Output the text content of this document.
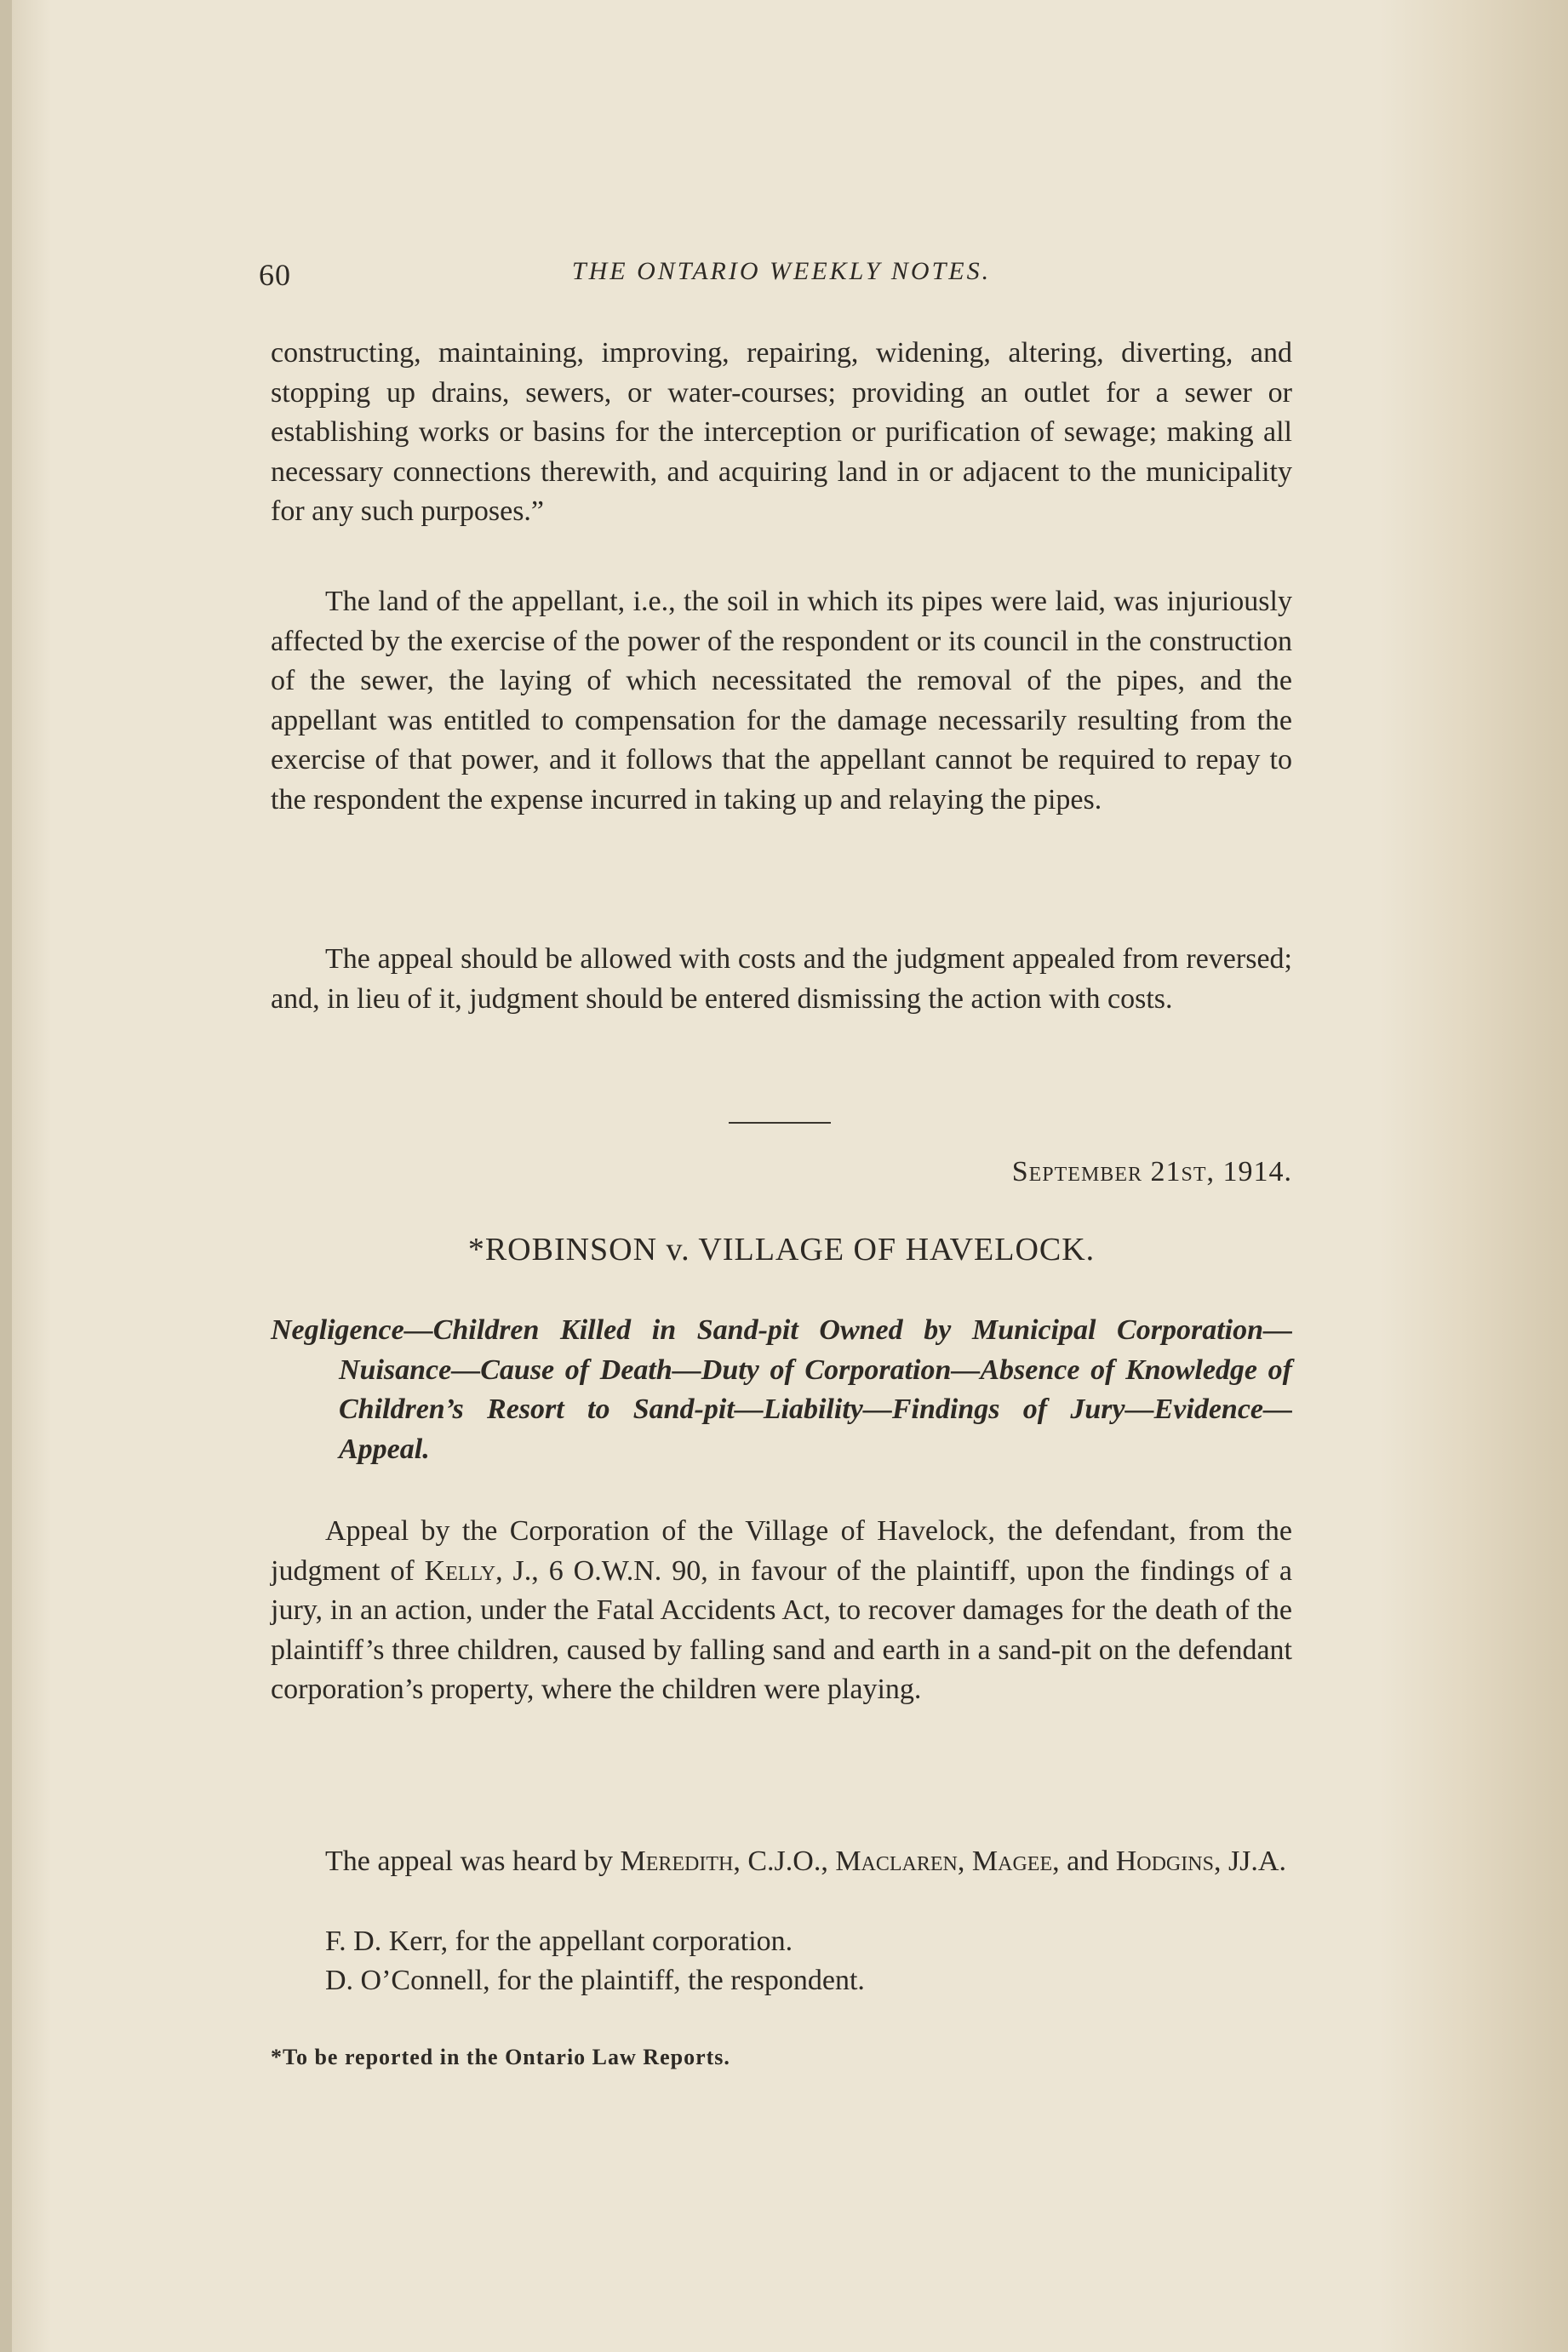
60	THE ONTARIO WEEKLY NOTES.

constructing, maintaining, improving, repairing, widening, altering, diverting, and stopping up drains, sewers, or water-courses; providing an outlet for a sewer or establishing works or basins for the interception or purification of sewage; making all necessary connections therewith, and acquiring land in or adjacent to the municipality for any such purposes.”

The land of the appellant, i.e., the soil in which its pipes were laid, was injuriously affected by the exercise of the power of the respondent or its council in the construction of the sewer, the laying of which necessitated the removal of the pipes, and the appellant was entitled to compensation for the damage necessarily resulting from the exercise of that power, and it follows that the appellant cannot be required to repay to the respondent the expense incurred in taking up and relaying the pipes.

The appeal should be allowed with costs and the judgment appealed from reversed; and, in lieu of it, judgment should be entered dismissing the action with costs.

September 21st, 1914.
*ROBINSON v. VILLAGE OF HAVELOCK.

Negligence—Children Killed in Sand-pit Owned by Municipal Corporation—Nuisance—Cause of Death—Duty of Corporation—Absence of Knowledge of Children’s Resort to Sand-pit—Liability—Findings of Jury—Evidence—Appeal.

Appeal by the Corporation of the Village of Havelock, the defendant, from the judgment of Kelly, J., 6 O.W.N. 90, in favour of the plaintiff, upon the findings of a jury, in an action, under the Fatal Accidents Act, to recover damages for the death of the plaintiff’s three children, caused by falling sand and earth in a sand-pit on the defendant corporation’s property, where the children were playing.

The appeal was heard by Meredith, C.J.O., Maclaren, Magee, and Hodgins, JJ.A.

F. D. Kerr, for the appellant corporation.

D. O’Connell, for the plaintiff, the respondent.

*To be reported in the Ontario Law Reports.
